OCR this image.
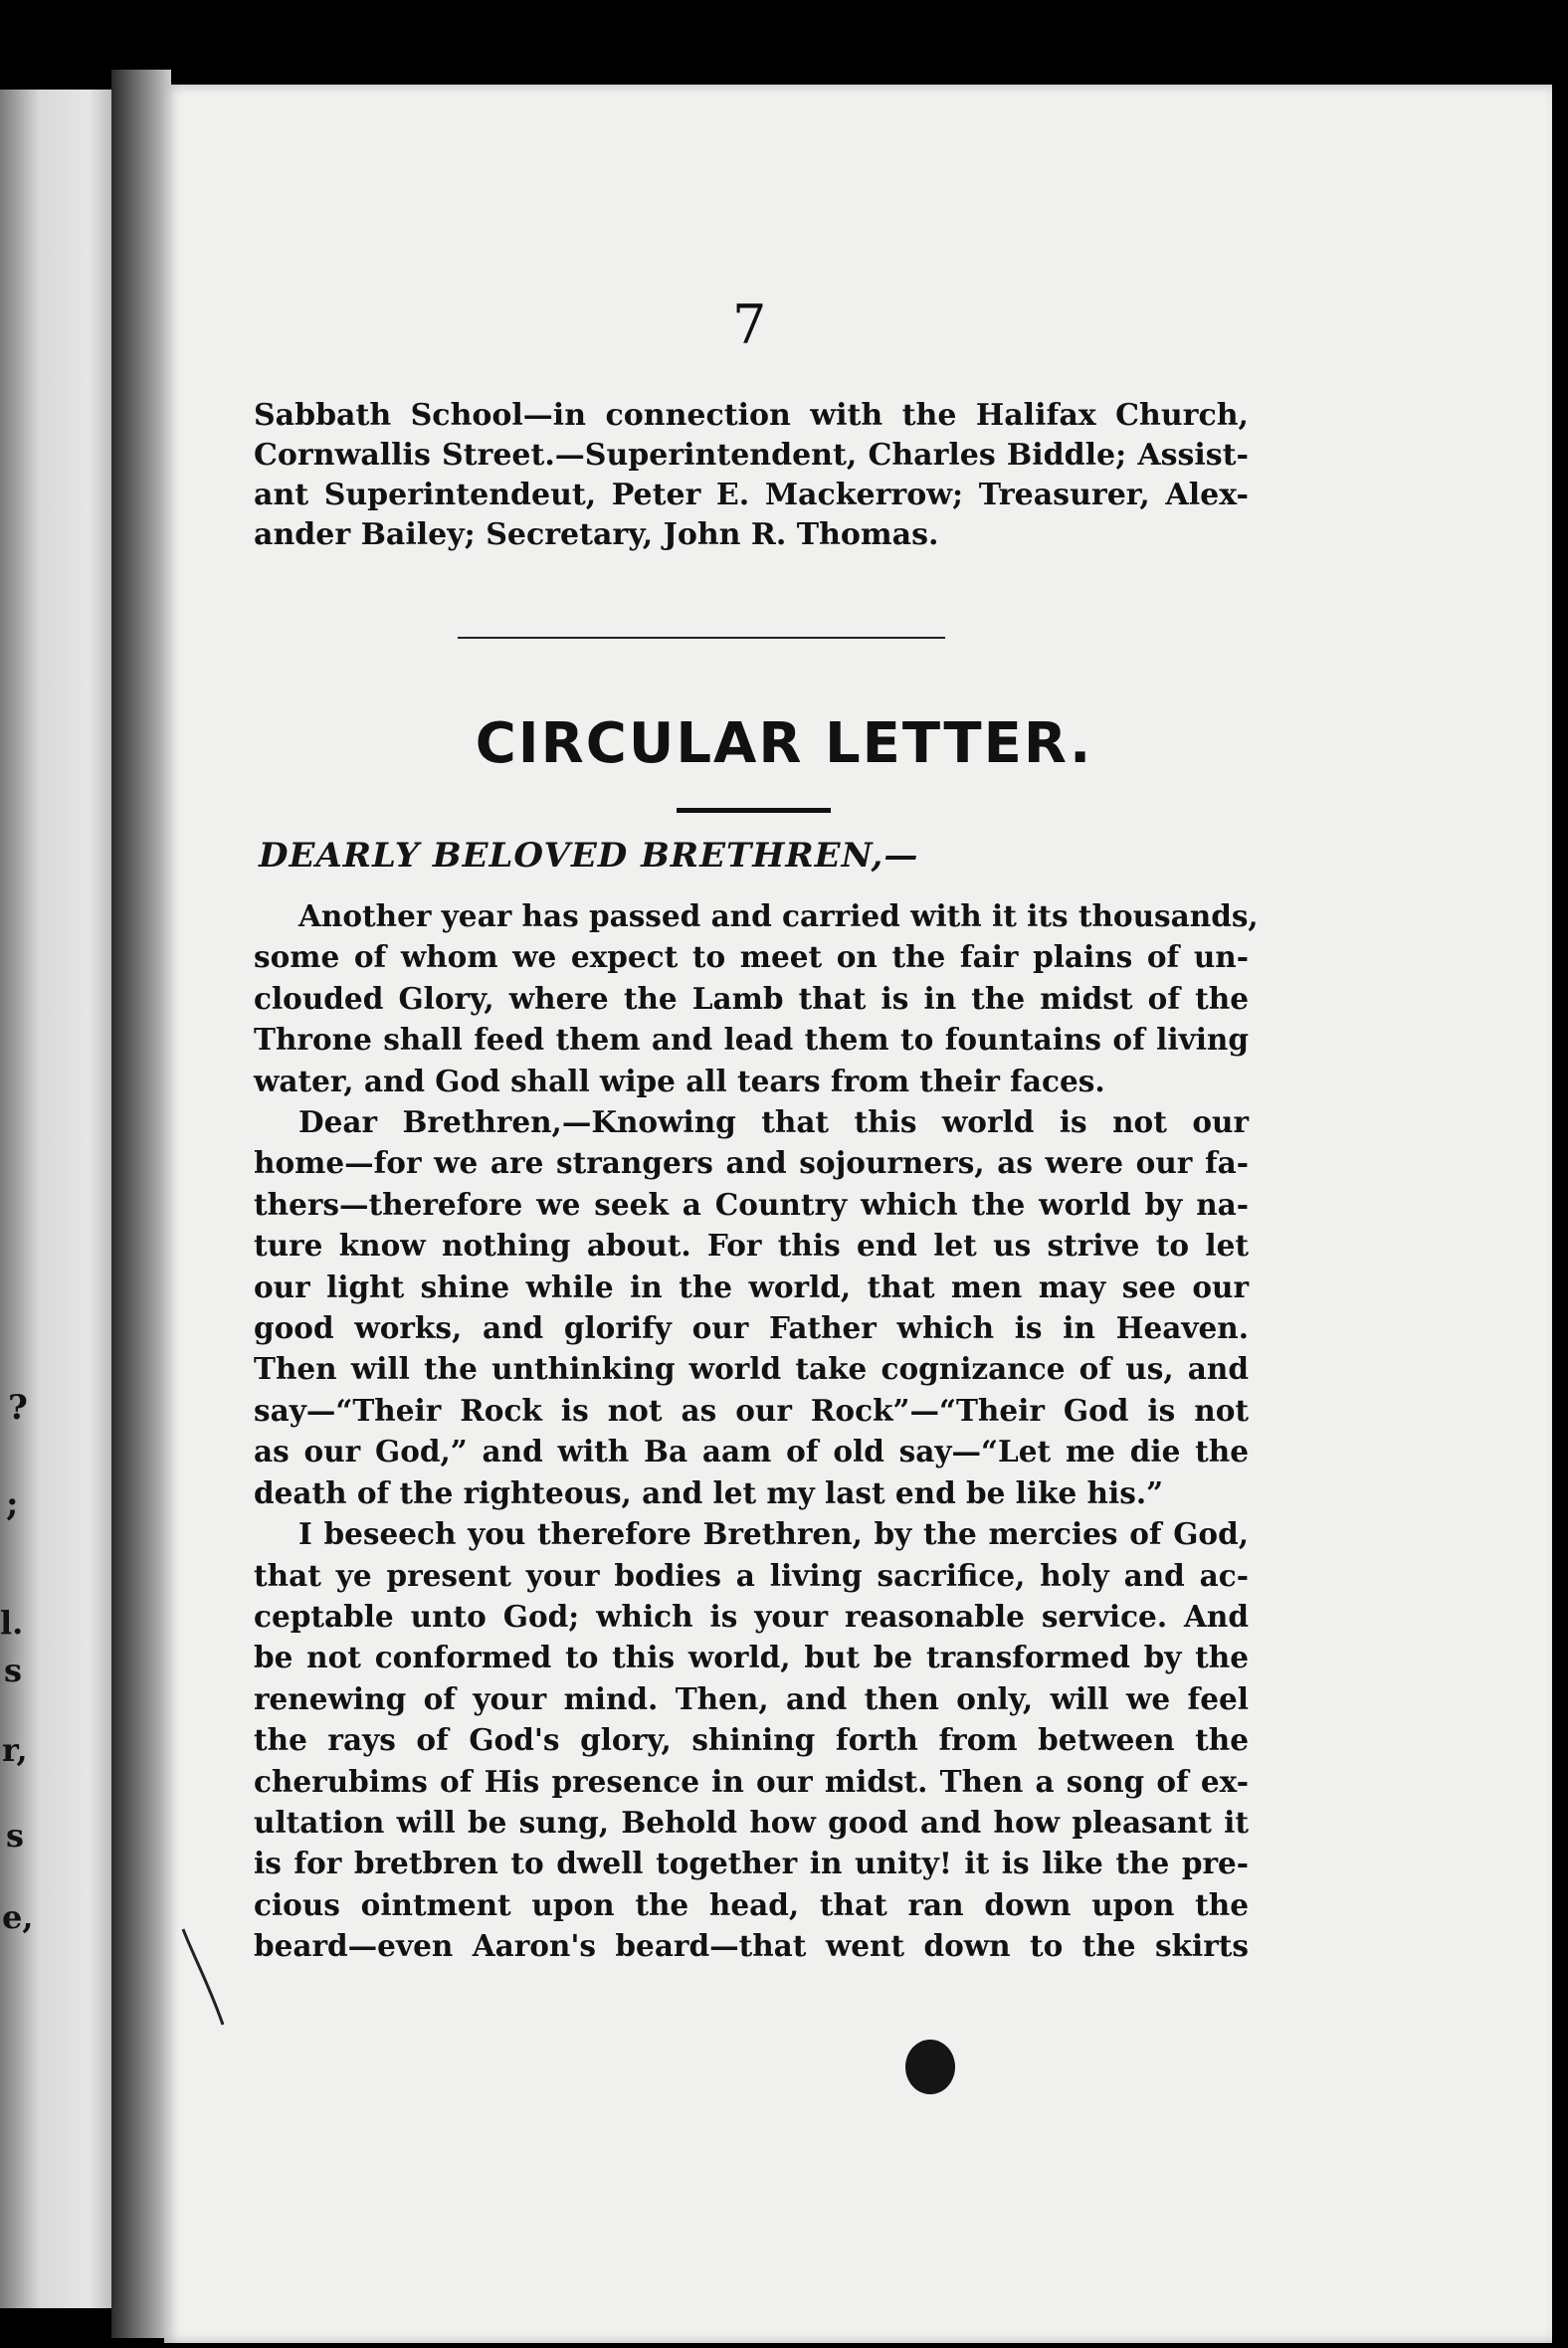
?
;
l.
s
r,
s
e,
7
Sabbath School—in connection with the Halifax Church,
Cornwallis Street.—Superintendent, Charles Biddle; Assist-
ant Superintendeut, Peter E. Mackerrow; Treasurer, Alex-
ander Bailey; Secretary, John R. Thomas.
CIRCULAR LETTER.
DEARLY BELOVED BRETHREN,—
Another year has passed and carried with it its thousands,
some of whom we expect to meet on the fair plains of un-
clouded Glory, where the Lamb that is in the midst of the
Throne shall feed them and lead them to fountains of living
water, and God shall wipe all tears from their faces.
Dear Brethren,—Knowing that this world is not our
home—for we are strangers and sojourners, as were our fa-
thers—therefore we seek a Country which the world by na-
ture know nothing about. For this end let us strive to let
our light shine while in the world, that men may see our
good works, and glorify our Father which is in Heaven.
Then will the unthinking world take cognizance of us, and
say—“Their Rock is not as our Rock”—“Their God is not
as our God,” and with Ba aam of old say—“Let me die the
death of the righteous, and let my last end be like his.”
I beseech you therefore Brethren, by the mercies of God,
that ye present your bodies a living sacrifice, holy and ac-
ceptable unto God; which is your reasonable service. And
be not conformed to this world, but be transformed by the
renewing of your mind. Then, and then only, will we feel
the rays of God's glory, shining forth from between the
cherubims of His presence in our midst. Then a song of ex-
ultation will be sung, Behold how good and how pleasant it
is for bretbren to dwell together in unity! it is like the pre-
cious ointment upon the head, that ran down upon the
beard—even Aaron's beard—that went down to the skirts
